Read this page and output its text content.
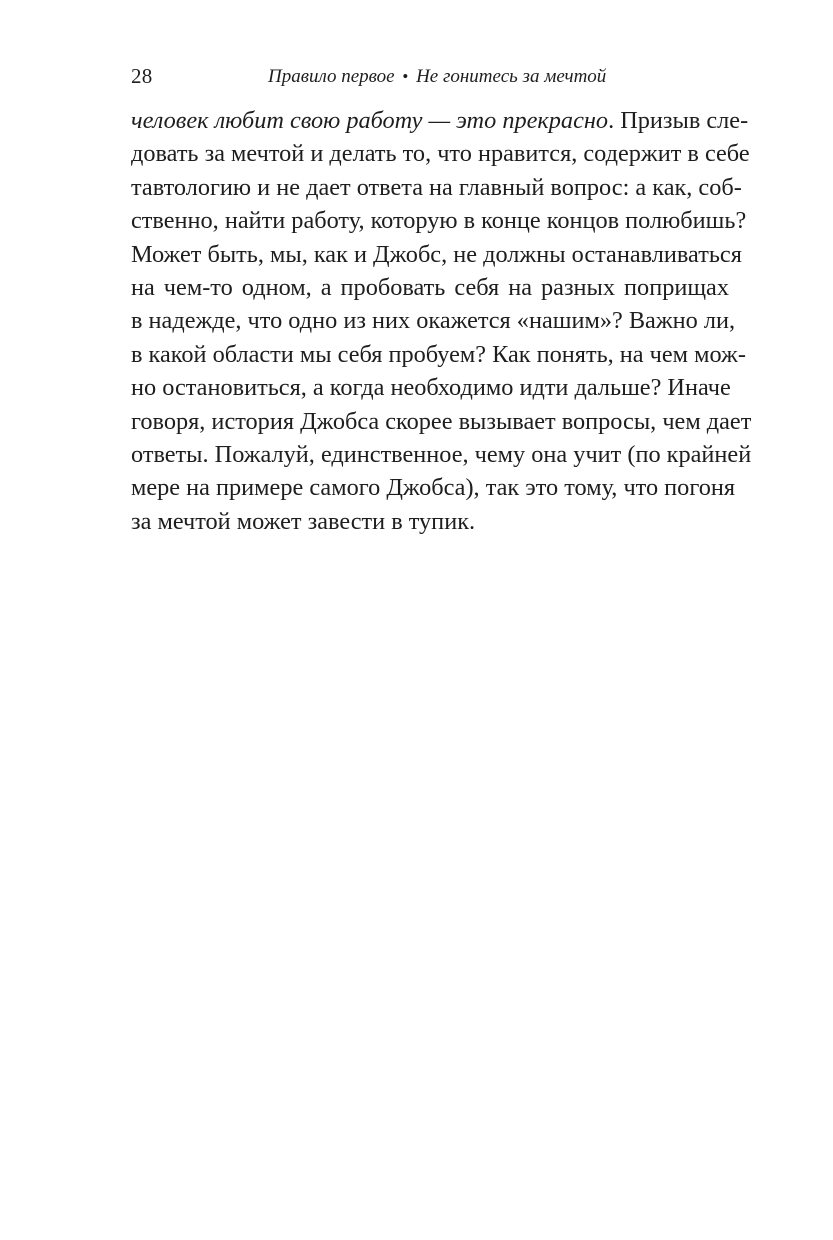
28	Правило первое • Не гонитесь за мечтой
человек любит свою работу — это прекрасно. Призыв сле-
довать за мечтой и делать то, что нравится, содержит в себе
тавтологию и не дает ответа на главный вопрос: а как, соб-
ственно, найти работу, которую в конце концов полюбишь?
Может быть, мы, как и Джобс, не должны останавливаться
на чем-то одном, а пробовать себя на разных поприщах
в надежде, что одно из них окажется «нашим»? Важно ли,
в какой области мы себя пробуем? Как понять, на чем мож-
но остановиться, а когда необходимо идти дальше? Иначе
говоря, история Джобса скорее вызывает вопросы, чем дает
ответы. Пожалуй, единственное, чему она учит (по крайней
мере на примере самого Джобса), так это тому, что погоня
за мечтой может завести в тупик.
